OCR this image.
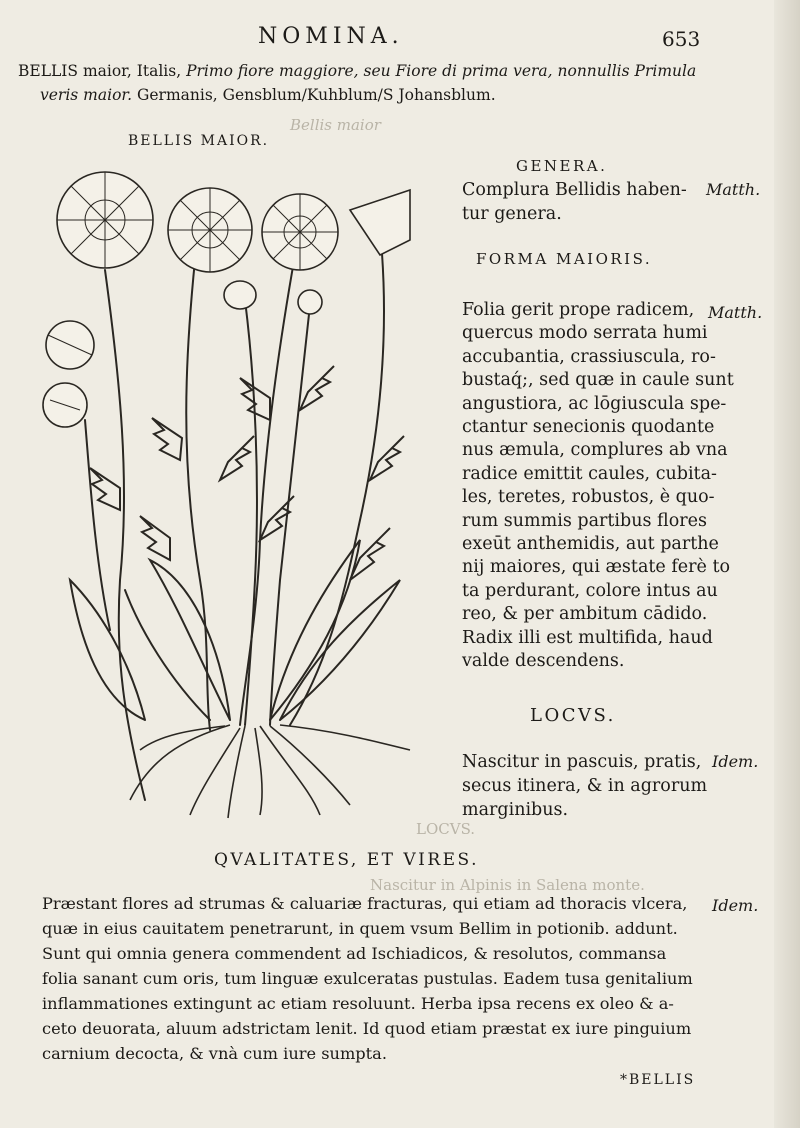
LOCVS.
Nascitur in Alpinis in Salena monte.
Bellis maior
NOMINA.	653
BELLIS maior, Italis, Primo fiore maggiore, seu Fiore di prima vera, nonnullis Primula
veris maior. Germanis, Gensblum/Kuhblum/S Johansblum.
BELLIS MAIOR.
GENERA.
Complura Bellidis haben-
tur genera.
Matth.
FORMA MAIORIS.
Matth.
Folia gerit prope radicem,
quercus modo serrata humi
accubantia, crassiuscula, ro-
bustaq́;, sed quæ in caule sunt
angustiora, ac lōgiuscula spe-
ctantur senecionis quodante
nus æmula, complures ab vna
radice emittit caules, cubita-
les, teretes, robustos, è quo-
rum summis partibus flores
exeūt anthemidis, aut parthe
nij maiores, qui æstate ferè to
ta perdurant, colore intus au
reo, & per ambitum cādido.
Radix illi est multifida, haud
valde descendens.
LOCVS.
Nascitur in pascuis, pratis,
secus itinera, & in agrorum
marginibus.
Idem.
QVALITATES, ET VIRES.
Idem.
Præstant flores ad strumas & caluariæ fracturas, qui etiam ad thoracis vlcera,
quæ in eius cauitatem penetrarunt, in quem vsum Bellim in potionib. addunt.
Sunt qui omnia genera commendent ad Ischiadicos, & resolutos, commansa
folia sanant cum oris, tum linguæ exulceratas pustulas. Eadem tusa genitalium
inflammationes extingunt ac etiam resoluunt. Herba ipsa recens ex oleo & a-
ceto deuorata, aluum adstrictam lenit. Id quod etiam præstat ex iure pinguium
carnium decocta, & vnà cum iure sumpta.
*BELLIS
